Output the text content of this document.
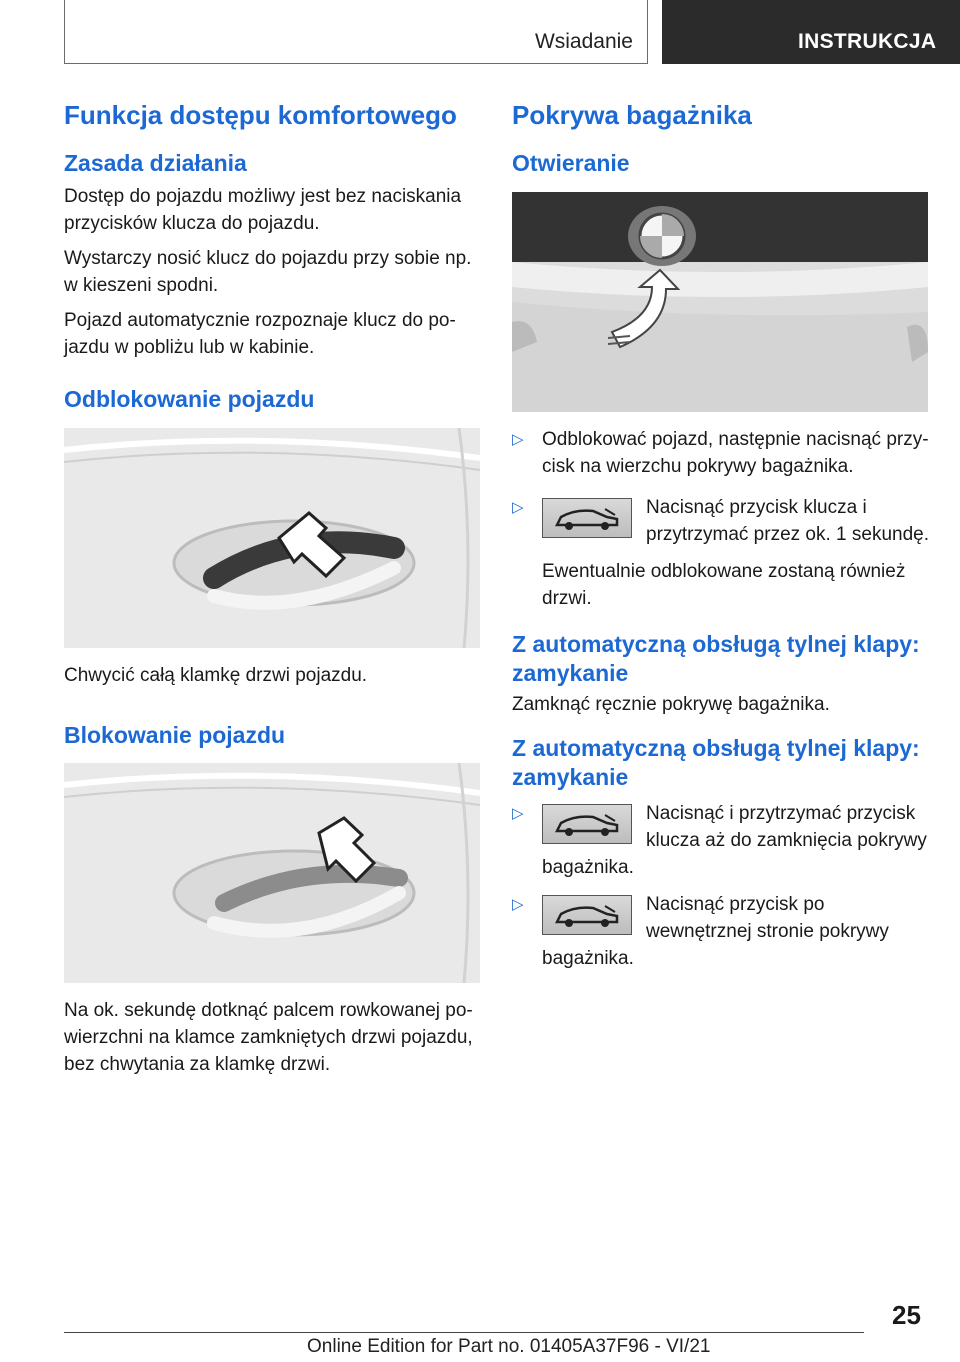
Wsiadanie	INSTRUKCJA
Funkcja dostępu komfortowego
Zasada działania

Dostęp do pojazdu możliwy jest bez naciskania przycisków klucza do pojazdu.

Wystarczy nosić klucz do pojazdu przy sobie np. w kieszeni spodni.

Pojazd automatycznie rozpoznaje klucz do pojazdu w pobliżu lub w kabinie.

Odblokowanie pojazdu

Chwycić całą klamkę drzwi pojazdu.

Blokowanie pojazdu

Na ok. sekundę dotknąć palcem rowkowanej powierzchni na klamce zamkniętych drzwi pojazdu, bez chwytania za klamkę drzwi.

Pokrywa bagażnika
Otwieranie
▷ Odblokować pojazd, następnie nacisnąć przycisk na wierzchu pokrywy bagażnika.

▷	Nacisnąć przycisk klucza i przytrzymać przez ok. 1 sekundę.

Ewentualnie odblokowane zostaną również drzwi.

Z automatyczną obsługą tylnej klapy: zamykanie

Zamknąć ręcznie pokrywę bagażnika.

Z automatyczną obsługą tylnej klapy: zamykanie
▷	Nacisnąć i przytrzymać przycisk klucza aż do zamknięcia pokrywy bagażnika.

▷	Nacisnąć przycisk po wewnętrznej stronie pokrywy bagażnika.

25
Online Edition for Part no. 01405A37F96 - VI/21
